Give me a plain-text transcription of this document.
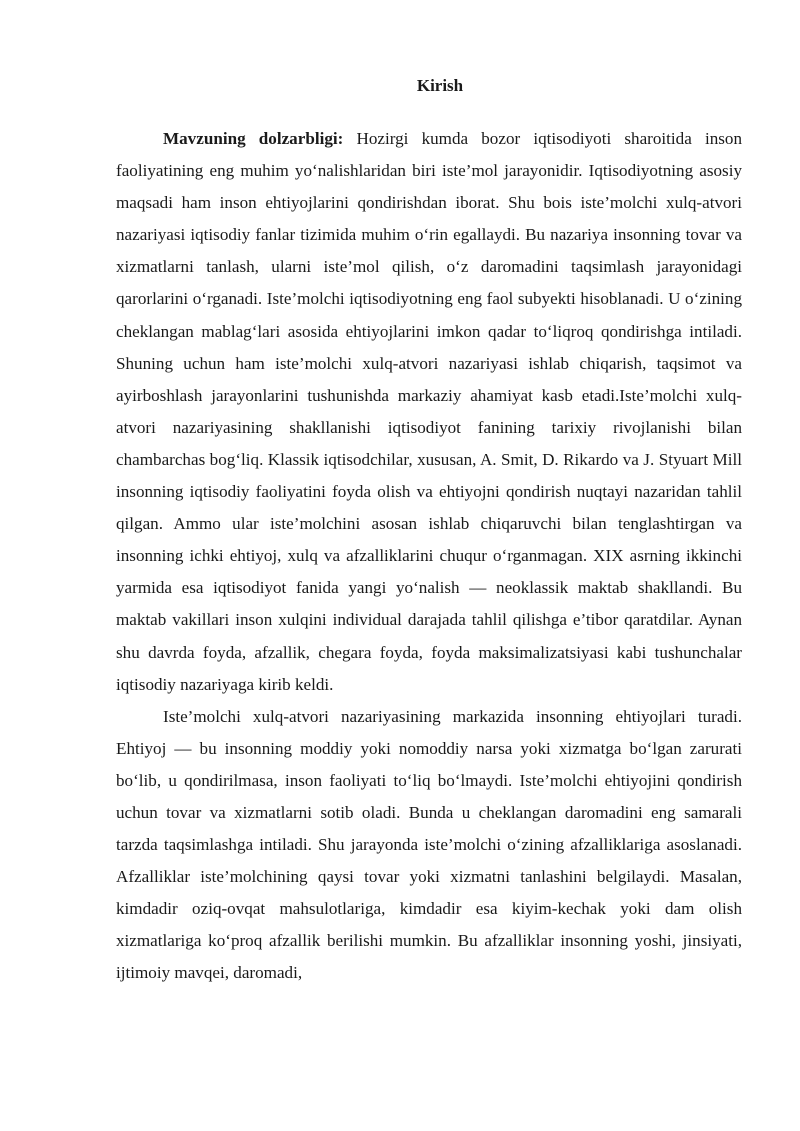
Kirish

Mavzuning dolzarbligi: Hozirgi kumda bozor iqtisodiyoti sharoitida inson faoliyatining eng muhim yo‘nalishlaridan biri iste’mol jarayonidir. Iqtisodiyotning asosiy maqsadi ham inson ehtiyojlarini qondirishdan iborat. Shu bois iste’molchi xulq-atvori nazariyasi iqtisodiy fanlar tizimida muhim o‘rin egallaydi. Bu nazariya insonning tovar va xizmatlarni tanlash, ularni iste’mol qilish, o‘z daromadini taqsimlash jarayonidagi qarorlarini o‘rganadi. Iste’molchi iqtisodiyotning eng faol subyekti hisoblanadi. U o‘zining cheklangan mablag‘lari asosida ehtiyojlarini imkon qadar to‘liqroq qondirishga intiladi. Shuning uchun ham iste’molchi xulq-atvori nazariyasi ishlab chiqarish, taqsimot va ayirboshlash jarayonlarini tushunishda markaziy ahamiyat kasb etadi.Iste’molchi xulq-atvori nazariyasining shakllanishi iqtisodiyot fanining tarixiy rivojlanishi bilan chambarchas bog‘liq. Klassik iqtisodchilar, xususan, A. Smit, D. Rikardo va J. Styuart Mill insonning iqtisodiy faoliyatini foyda olish va ehtiyojni qondirish nuqtayi nazaridan tahlil qilgan. Ammo ular iste’molchini asosan ishlab chiqaruvchi bilan tenglashtirgan va insonning ichki ehtiyoj, xulq va afzalliklarini chuqur o‘rganmagan. XIX asrning ikkinchi yarmida esa iqtisodiyot fanida yangi yo‘nalish — neoklassik maktab shakllandi. Bu maktab vakillari inson xulqini individual darajada tahlil qilishga e’tibor qaratdilar. Aynan shu davrda foyda, afzallik, chegara foyda, foyda maksimalizatsiyasi kabi tushunchalar iqtisodiy nazariyaga kirib keldi.

Iste’molchi xulq-atvori nazariyasining markazida insonning ehtiyojlari turadi. Ehtiyoj — bu insonning moddiy yoki nomoddiy narsa yoki xizmatga bo‘lgan zarurati bo‘lib, u qondirilmasa, inson faoliyati to‘liq bo‘lmaydi. Iste’molchi ehtiyojini qondirish uchun tovar va xizmatlarni sotib oladi. Bunda u cheklangan daromadini eng samarali tarzda taqsimlashga intiladi. Shu jarayonda iste’molchi o‘zining afzalliklariga asoslanadi. Afzalliklar iste’molchining qaysi tovar yoki xizmatni tanlashini belgilaydi. Masalan, kimdadir oziq-ovqat mahsulotlariga, kimdadir esa kiyim-kechak yoki dam olish xizmatlariga ko‘proq afzallik berilishi mumkin. Bu afzalliklar insonning yoshi, jinsiyati, ijtimoiy mavqei, daromadi,
